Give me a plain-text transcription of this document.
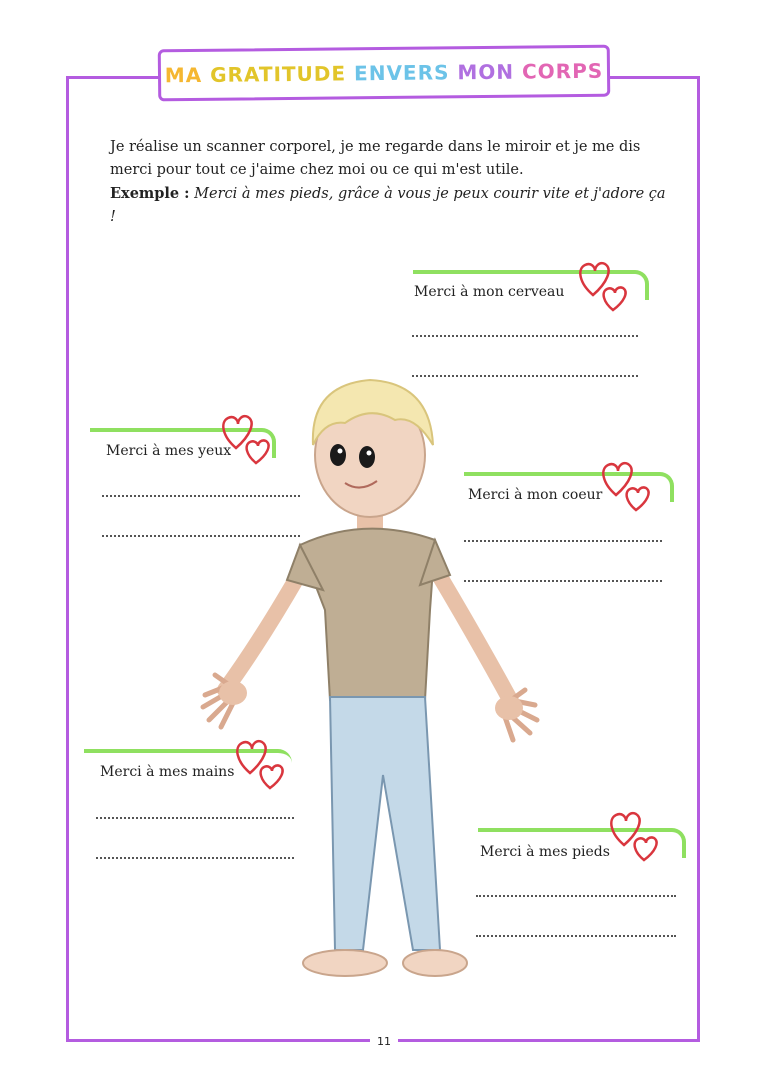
MA GRATITUDE ENVERS MON CORPS
Je réalise un scanner corporel, je me regarde dans le miroir et je me dis merci pour tout ce j'aime chez moi ou ce qui m'est utile.
Exemple : Merci à mes pieds, grâce à vous je peux courir vite et j'adore ça !
Merci à mon cerveau
Merci à mes yeux
Merci à mon coeur
Merci à mes mains
Merci à mes pieds
11
